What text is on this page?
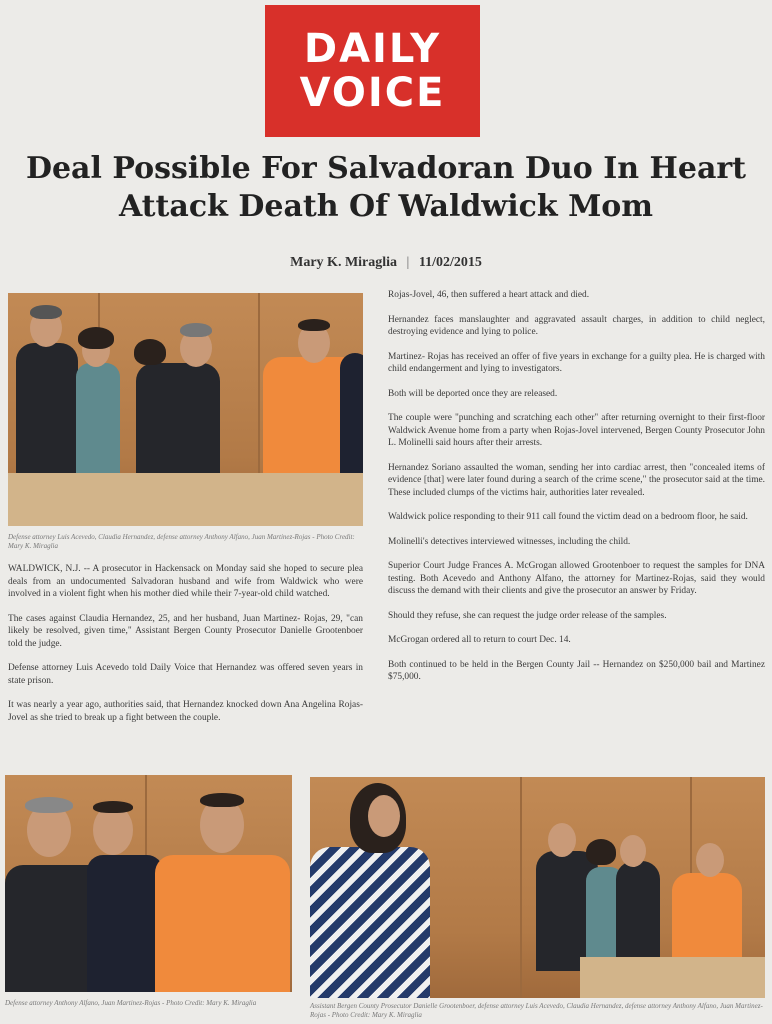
DAILY
VOICE
Deal Possible For Salvadoran Duo In Heart Attack Death Of Waldwick Mom
Mary K. Miraglia | 11/02/2015
Defense attorney Luis Acevedo, Claudia Hernandez, defense attorney Anthony Alfano, Juan Martinez-Rojas - Photo Credit: Mary K. Miraglia

WALDWICK, N.J. -- A prosecutor in Hackensack on Monday said she hoped to secure plea deals from an undocumented Salvadoran husband and wife from Waldwick who were involved in a violent fight when his mother died while their 7-year-old child watched.

The cases against Claudia Hernandez, 25, and her husband, Juan Martinez- Rojas, 29, "can likely be resolved, given time," Assistant Bergen County Prosecutor Danielle Grootenboer told the judge.

Defense attorney Luis Acevedo told Daily Voice that Hernandez was offered seven years in state prison.

It was nearly a year ago, authorities said, that Hernandez knocked down Ana Angelina Rojas-Jovel as she tried to break up a fight between the couple.

Rojas-Jovel, 46, then suffered a heart attack and died.

Hernandez faces manslaughter and aggravated assault charges, in addition to child neglect, destroying evidence and lying to police.

Martinez- Rojas has received an offer of five years in exchange for a guilty plea. He is charged with child endangerment and lying to investigators.

Both will be deported once they are released.

The couple were "punching and scratching each other" after returning overnight to their first-floor Waldwick Avenue home from a party when Rojas-Jovel intervened, Bergen County Prosecutor John L. Molinelli said hours after their arrests.

Hernandez Soriano assaulted the woman, sending her into cardiac arrest, then "concealed items of evidence [that] were later found during a search of the crime scene," the prosecutor said at the time. These included clumps of the victims hair, authorities later revealed.

Waldwick police responding to their 911 call found the victim dead on a bedroom floor, he said.

Molinelli's detectives interviewed witnesses, including the child.

Superior Court Judge Frances A. McGrogan allowed Grootenboer to request the samples for DNA testing. Both Acevedo and Anthony Alfano, the attorney for Martinez-Rojas, said they would discuss the demand with their clients and give the prosecutor an answer by Friday.

Should they refuse, she can request the judge order release of the samples.

McGrogan ordered all to return to court Dec. 14.

Both continued to be held in the Bergen County Jail -- Hernandez on $250,000 bail and Martinez $75,000.

Defense attorney Anthony Alfano, Juan Martinez-Rojas - Photo Credit: Mary K. Miraglia	Assistant Bergen County Prosecutor Danielle Grootenboer, defense attorney Luis Acevedo, Claudia Hernandez, defense attorney Anthony Alfano, Juan Martinez-Rojas - Photo Credit: Mary K. Miraglia
